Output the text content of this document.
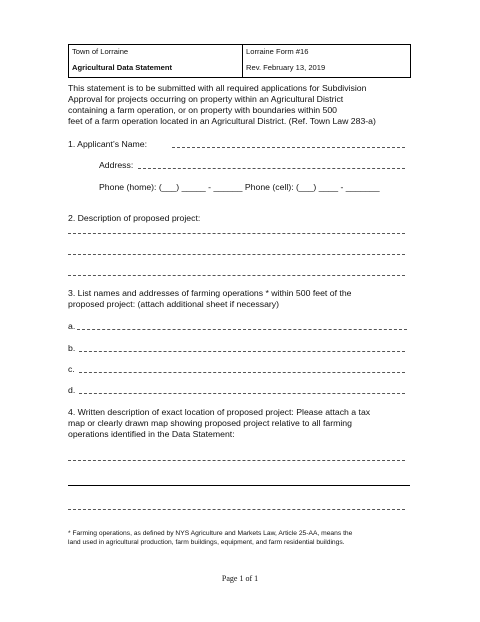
Town of Lorraine	Lorraine Form #16
Agricultural Data Statement	Rev. February 13, 2019
This statement is to be submitted with all required applications for Subdivision
Approval for projects occurring on property within an Agricultural District
containing a farm operation, or on property with boundaries within 500
feet of a farm operation located in an Agricultural District. (Ref. Town Law 283-a)
1. Applicant’s Name:
Address:
Phone (home): (___) _____ - ______ Phone (cell): (___) ____ - _______
2. Description of proposed project:
3. List names and addresses of farming operations * within 500 feet of the
proposed project: (attach additional sheet if necessary)
a.
b.
c.
d.
4. Written description of exact location of proposed project: Please attach a tax
map or clearly drawn map showing proposed project relative to all farming
operations identified in the Data Statement:
* Farming operations, as defined by NYS Agriculture and Markets Law, Article 25-AA, means the
land used in agricultural production, farm buildings, equipment, and farm residential buildings.
Page 1 of 1
